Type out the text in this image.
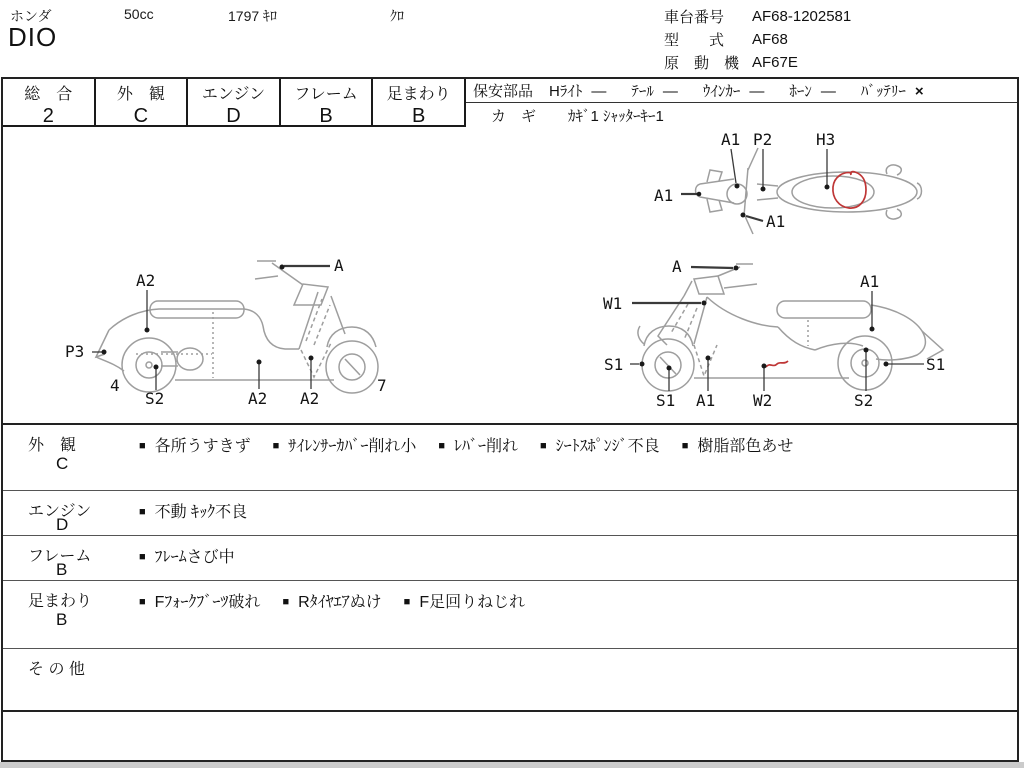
ホンダ	50cc	1797 ｷﾛ	ｸﾛ
DIO
車台番号	AF68-1202581
型　　式	AF68
原　動　機 AF67E
総　合
2
外　観
C
エンジン
D
フレーム
B
足まわり
B
保安部品 Hﾗｲﾄ — ﾃｰﾙ — ｳｲﾝｶｰ — ﾎｰﾝ — ﾊﾞｯﾃﾘｰ ×
カ　ギ ｶｷﾞ1 ｼｬｯﾀｰｷｰ1
A1 P2	H3
A1
A1
A2
A
P3
4
S2	A2 A2
7
A
W1
A1
S1
S1 A1 W2	S2
S1
外　観
C
■ 各所うすきず ■ ｻｲﾚﾝｻｰｶﾊﾞｰ削れ小 ■ ﾚﾊﾞｰ削れ ■ ｼｰﾄｽﾎﾟﾝｼﾞ不良 ■ 樹脂部色あせ
エンジン
D
■ 不動 ｷｯｸ不良
フレーム
B
■ ﾌﾚｰﾑさび中
足まわり
B
■ Fﾌｫｰｸﾌﾞｰﾂ破れ ■ Rﾀｲﾔｴｱぬけ ■ F足回りねじれ
そ の 他
